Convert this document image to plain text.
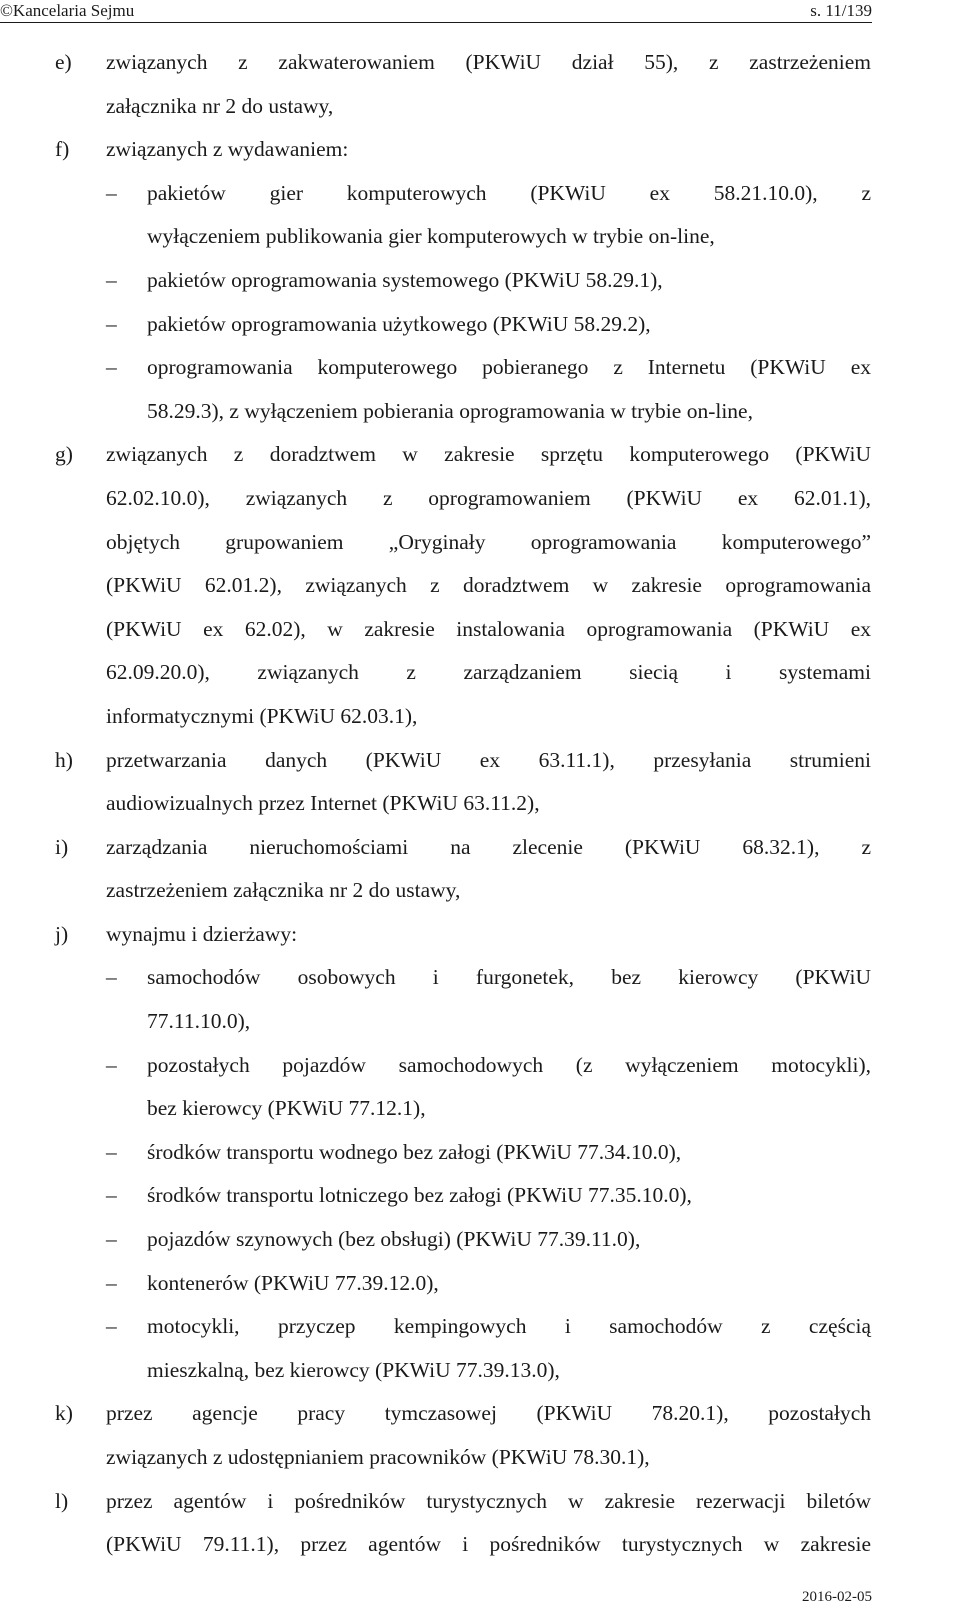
©Kancelaria Sejmu	s. 11/139
e) związanych z zakwaterowaniem (PKWiU dział 55), z zastrzeżeniem
załącznika nr 2 do ustawy,
f) związanych z wydawaniem:
– pakietów gier komputerowych (PKWiU ex 58.21.10.0), z
wyłączeniem publikowania gier komputerowych w trybie on-line,
– pakietów oprogramowania systemowego (PKWiU 58.29.1),
– pakietów oprogramowania użytkowego (PKWiU 58.29.2),
– oprogramowania komputerowego pobieranego z Internetu (PKWiU ex
58.29.3), z wyłączeniem pobierania oprogramowania w trybie on-line,
g) związanych z doradztwem w zakresie sprzętu komputerowego (PKWiU
62.02.10.0), związanych z oprogramowaniem (PKWiU ex 62.01.1),
objętych grupowaniem „Oryginały oprogramowania komputerowego”
(PKWiU 62.01.2), związanych z doradztwem w zakresie oprogramowania
(PKWiU ex 62.02), w zakresie instalowania oprogramowania (PKWiU ex
62.09.20.0), związanych z zarządzaniem siecią i systemami
informatycznymi (PKWiU 62.03.1),
h) przetwarzania danych (PKWiU ex 63.11.1), przesyłania strumieni
audiowizualnych przez Internet (PKWiU 63.11.2),
i) zarządzania nieruchomościami na zlecenie (PKWiU 68.32.1), z
zastrzeżeniem załącznika nr 2 do ustawy,
j) wynajmu i dzierżawy:
– samochodów osobowych i furgonetek, bez kierowcy (PKWiU
77.11.10.0),
– pozostałych pojazdów samochodowych (z wyłączeniem motocykli),
bez kierowcy (PKWiU 77.12.1),
– środków transportu wodnego bez załogi (PKWiU 77.34.10.0),
– środków transportu lotniczego bez załogi (PKWiU 77.35.10.0),
– pojazdów szynowych (bez obsługi) (PKWiU 77.39.11.0),
– kontenerów (PKWiU 77.39.12.0),
– motocykli, przyczep kempingowych i samochodów z częścią
mieszkalną, bez kierowcy (PKWiU 77.39.13.0),
k) przez agencje pracy tymczasowej (PKWiU 78.20.1), pozostałych
związanych z udostępnianiem pracowników (PKWiU 78.30.1),
l) przez agentów i pośredników turystycznych w zakresie rezerwacji biletów
(PKWiU 79.11.1), przez agentów i pośredników turystycznych w zakresie
2016-02-05
